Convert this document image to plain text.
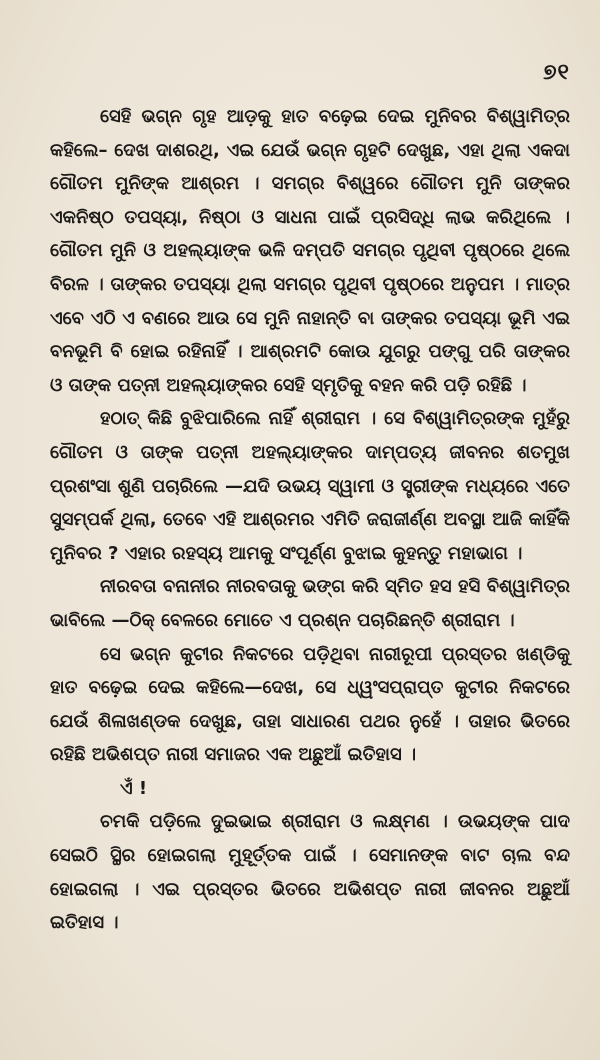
୭୧

ସେହି ଭଗ୍ନ ଗୃହ ଆଡ଼କୁ ହାତ ବଢ଼େଇ ଦେଇ ମୁନିବର ବିଶ୍ୱାମିତ୍ର କହିଲେ– ଦେଖ ଦାଶରଥି, ଏଇ ଯେଉଁ ଭଗ୍ନ ଗୃହଟି ଦେଖୁଛ, ଏହା ଥିଲା ଏକଦା ଗୌତମ ମୁନିଙ୍କ ଆଶ୍ରମ । ସମଗ୍ର ବିଶ୍ୱରେ ଗୌତମ ମୁନି ତାଙ୍କର ଏକନିଷ୍ଠ ତପସ୍ୟା, ନିଷ୍ଠା ଓ ସାଧନା ପାଇଁ ପ୍ରସିଦ୍ଧି ଲାଭ କରିଥିଲେ । ଗୌତମ ମୁନି ଓ ଅହଲ୍ୟାଙ୍କ ଭଳି ଦମ୍ପତି ସମଗ୍ର ପୃଥିବୀ ପୃଷ୍ଠରେ ଥିଲେ ବିରଳ । ତାଙ୍କର ତପସ୍ୟା ଥିଲା ସମଗ୍ର ପୃଥିବୀ ପୃଷ୍ଠରେ ଅନୁପମ । ମାତ୍ର ଏବେ ଏଠି ଏ ବଣରେ ଆଉ ସେ ମୁନି ନାହାନ୍ତି ବା ତାଙ୍କର ତପସ୍ୟା ଭୂମି ଏଇ ବନଭୂମି ବି ହୋଇ ରହିନାହିଁ । ଆଶ୍ରମଟି କୋଉ ଯୁଗରୁ ପଙ୍ଗୁ ପରି ତାଙ୍କର ଓ ତାଙ୍କ ପତ୍ନୀ ଅହଲ୍ୟାଙ୍କର ସେହି ସ୍ମୃତିକୁ ବହନ କରି ପଡ଼ି ରହିଛି ।

ହଠାତ୍ କିଛି ବୁଝିପାରିଲେ ନାହିଁ ଶ୍ରୀରାମ । ସେ ବିଶ୍ୱାମିତ୍ରଙ୍କ ମୁହଁରୁ ଗୌତମ ଓ ତାଙ୍କ ପତ୍ନୀ ଅହଲ୍ୟାଙ୍କର ଦାମ୍ପତ୍ୟ ଜୀବନର ଶତମୁଖ ପ୍ରଶଂସା ଶୁଣି ପଚାରିଲେ —ଯଦି ଉଭୟ ସ୍ୱାମୀ ଓ ସ୍ତ୍ରୀଙ୍କ ମଧ୍ୟରେ ଏତେ ସୁସମ୍ପର୍କ ଥିଲା, ତେବେ ଏହି ଆଶ୍ରମର ଏମିତି ଜରାଜୀର୍ଣ୍ଣ ଅବସ୍ଥା ଆଜି କାହିଁକି ମୁନିବର ? ଏହାର ରହସ୍ୟ ଆମକୁ ସଂପୂର୍ଣ୍ଣ ବୁଝାଇ କୁହନ୍ତୁ ମହାଭାଗ ।

ନୀରବତା ବନାନୀର ନୀରବତାକୁ ଭଙ୍ଗ କରି ସ୍ମିତ ହସ ହସି ବିଶ୍ୱାମିତ୍ର ଭାବିଲେ —ଠିକ୍ ବେଳରେ ମୋତେ ଏ ପ୍ରଶ୍ନ ପଚାରିଛନ୍ତି ଶ୍ରୀରାମ ।

ସେ ଭଗ୍ନ କୁଟୀର ନିକଟରେ ପଡ଼ିଥିବା ନାରୀରୂପୀ ପ୍ରସ୍ତର ଖଣ୍ଡିକୁ ହାତ ବଢ଼େଇ ଦେଇ କହିଲେ—ଦେଖ, ସେ ଧ୍ୱଂସପ୍ରାପ୍ତ କୁଟୀର ନିକଟରେ ଯେଉଁ ଶିଳାଖଣ୍ଡକ ଦେଖୁଛ, ତାହା ସାଧାରଣ ପଥର ନୁହେଁ । ତାହାର ଭିତରେ ରହିଛି ଅଭିଶପ୍ତ ନାରୀ ସମାଜର ଏକ ଅଛୁଆଁ ଇତିହାସ ।

ଏଁ !

ଚମକି ପଡ଼ିଲେ ଦୁଇଭାଇ ଶ୍ରୀରାମ ଓ ଲକ୍ଷ୍ମଣ । ଉଭୟଙ୍କ ପାଦ ସେଇଠି ସ୍ଥିର ହୋଇଗଲା ମୁହୂର୍ତ୍ତକ ପାଇଁ । ସେମାନଙ୍କ ବାଟ ଚାଲ ବନ୍ଦ ହୋଇଗଲା । ଏଇ ପ୍ରସ୍ତର ଭିତରେ ଅଭିଶପ୍ତ ନାରୀ ଜୀବନର ଅଛୁଆଁ ଇତିହାସ ।
